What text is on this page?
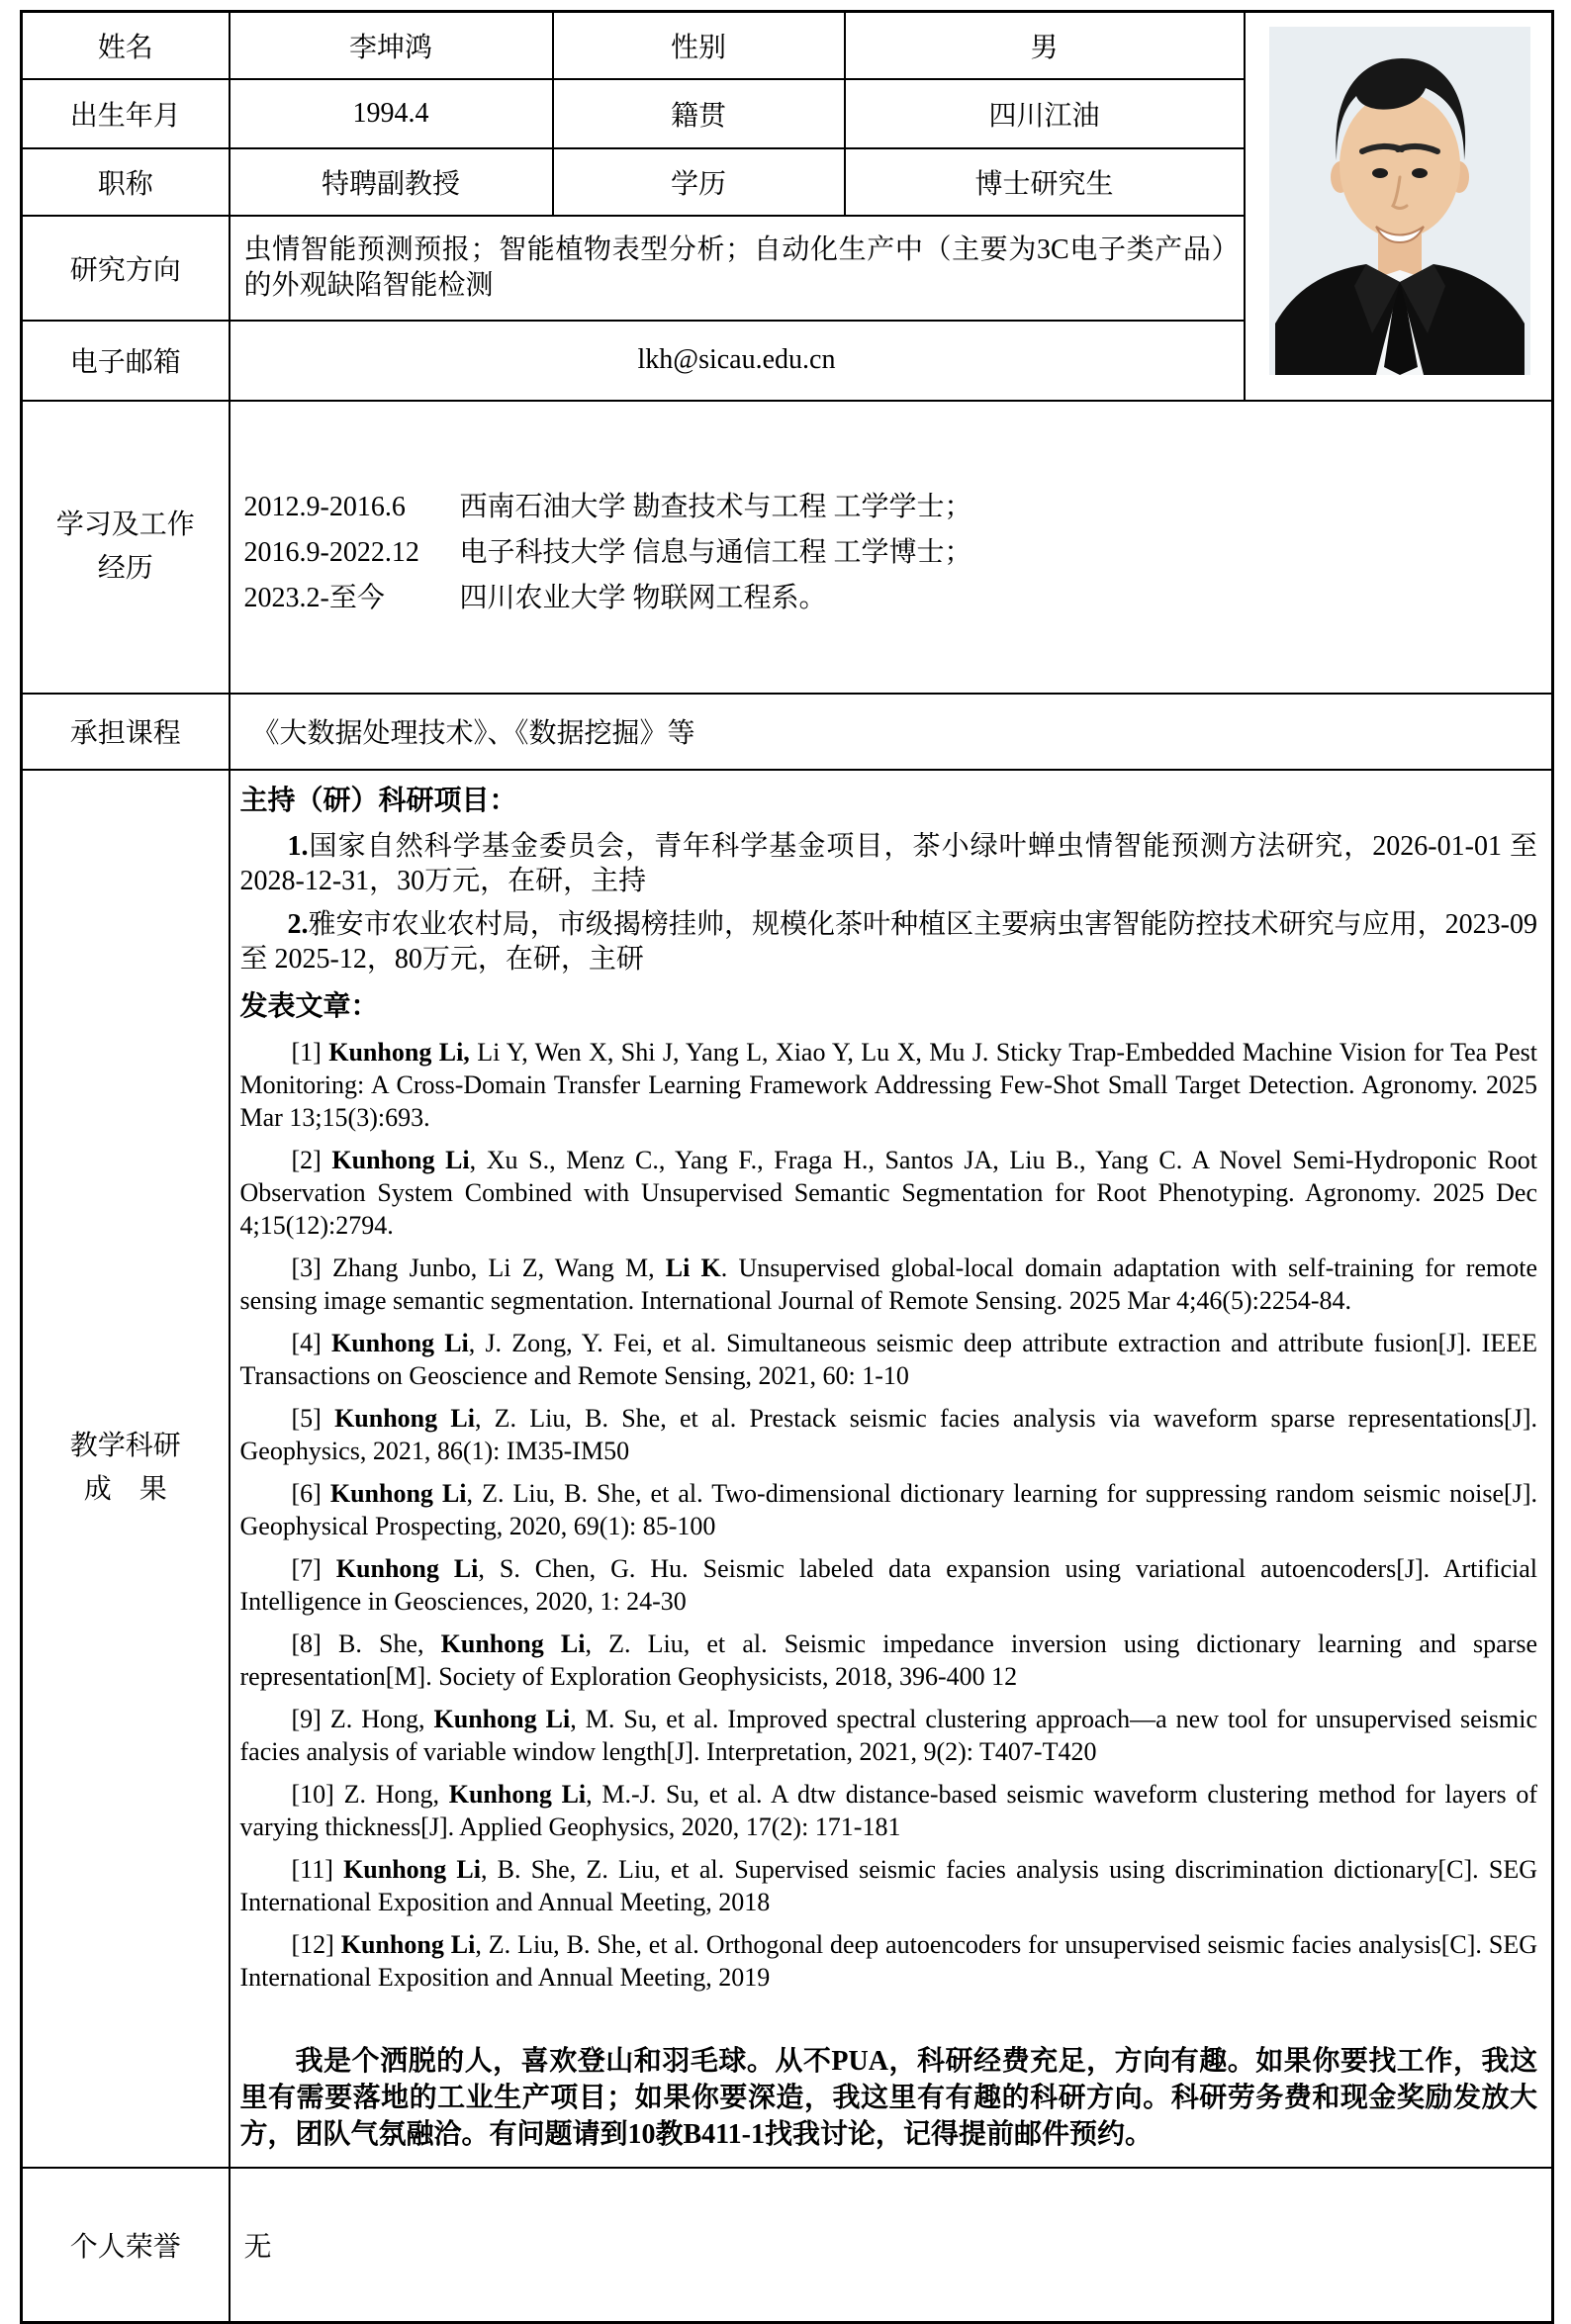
姓名	李坤鸿	性别	男	

出生年月	1994.4	籍贯	四川江油	
职称	特聘副教授	学历	博士研究生	
研究方向	虫情智能预测预报；智能植物表型分析；自动化生产中（主要为3C电子类产品）的外观缺陷智能检测			
电子邮箱	lkh@sicau.edu.cn			

学习及工作
经历

2012.9-2016.6 西南石油大学 勘查技术与工程 工学学士；
2016.9-2022.12 电子科技大学 信息与通信工程 工学博士；
2023.2-至今	四川农业大学 物联网工程系。

承担课程	《大数据处理技术》、《数据挖掘》等			

教学科研
成　果

主持（研）科研项目：
1.国家自然科学基金委员会，青年科学基金项目，茶小绿叶蝉虫情智能预测方法研究，2026-01-01 至 2028-12-31，30万元，在研，主持
2.雅安市农业农村局，市级揭榜挂帅，规模化茶叶种植区主要病虫害智能防控技术研究与应用，2023-09 至 2025-12，80万元，在研，主研
发表文章：
[1] Kunhong Li, Li Y, Wen X, Shi J, Yang L, Xiao Y, Lu X, Mu J. Sticky Trap-Embedded Machine Vision for Tea Pest Monitoring: A Cross-Domain Transfer Learning Framework Addressing Few-Shot Small Target Detection. Agronomy. 2025 Mar 13;15(3):693.
[2] Kunhong Li, Xu S., Menz C., Yang F., Fraga H., Santos JA, Liu B., Yang C. A Novel Semi-Hydroponic Root Observation System Combined with Unsupervised Semantic Segmentation for Root Phenotyping. Agronomy. 2025 Dec 4;15(12):2794.
[3] Zhang Junbo, Li Z, Wang M, Li K. Unsupervised global-local domain adaptation with self-training for remote sensing image semantic segmentation. International Journal of Remote Sensing. 2025 Mar 4;46(5):2254-84.
[4] Kunhong Li, J. Zong, Y. Fei, et al. Simultaneous seismic deep attribute extraction and attribute fusion[J]. IEEE Transactions on Geoscience and Remote Sensing, 2021, 60: 1-10
[5] Kunhong Li, Z. Liu, B. She, et al. Prestack seismic facies analysis via waveform sparse representations[J]. Geophysics, 2021, 86(1): IM35-IM50
[6] Kunhong Li, Z. Liu, B. She, et al. Two-dimensional dictionary learning for suppressing random seismic noise[J]. Geophysical Prospecting, 2020, 69(1): 85-100
[7] Kunhong Li, S. Chen, G. Hu. Seismic labeled data expansion using variational autoencoders[J]. Artificial Intelligence in Geosciences, 2020, 1: 24-30
[8] B. She, Kunhong Li, Z. Liu, et al. Seismic impedance inversion using dictionary learning and sparse representation[M]. Society of Exploration Geophysicists, 2018, 396-400 12
[9] Z. Hong, Kunhong Li, M. Su, et al. Improved spectral clustering approach—a new tool for unsupervised seismic facies analysis of variable window length[J]. Interpretation, 2021, 9(2): T407-T420
[10] Z. Hong, Kunhong Li, M.-J. Su, et al. A dtw distance-based seismic waveform clustering method for layers of varying thickness[J]. Applied Geophysics, 2020, 17(2): 171-181
[11] Kunhong Li, B. She, Z. Liu, et al. Supervised seismic facies analysis using discrimination dictionary[C]. SEG International Exposition and Annual Meeting, 2018
[12] Kunhong Li, Z. Liu, B. She, et al. Orthogonal deep autoencoders for unsupervised seismic facies analysis[C]. SEG International Exposition and Annual Meeting, 2019
我是个洒脱的人，喜欢登山和羽毛球。从不PUA，科研经费充足，方向有趣。如果你要找工作，我这里有需要落地的工业生产项目；如果你要深造，我这里有有趣的科研方向。科研劳务费和现金奖励发放大方，团队气氛融洽。有问题请到10教B411-1找我讨论，记得提前邮件预约。

个人荣誉	无			
